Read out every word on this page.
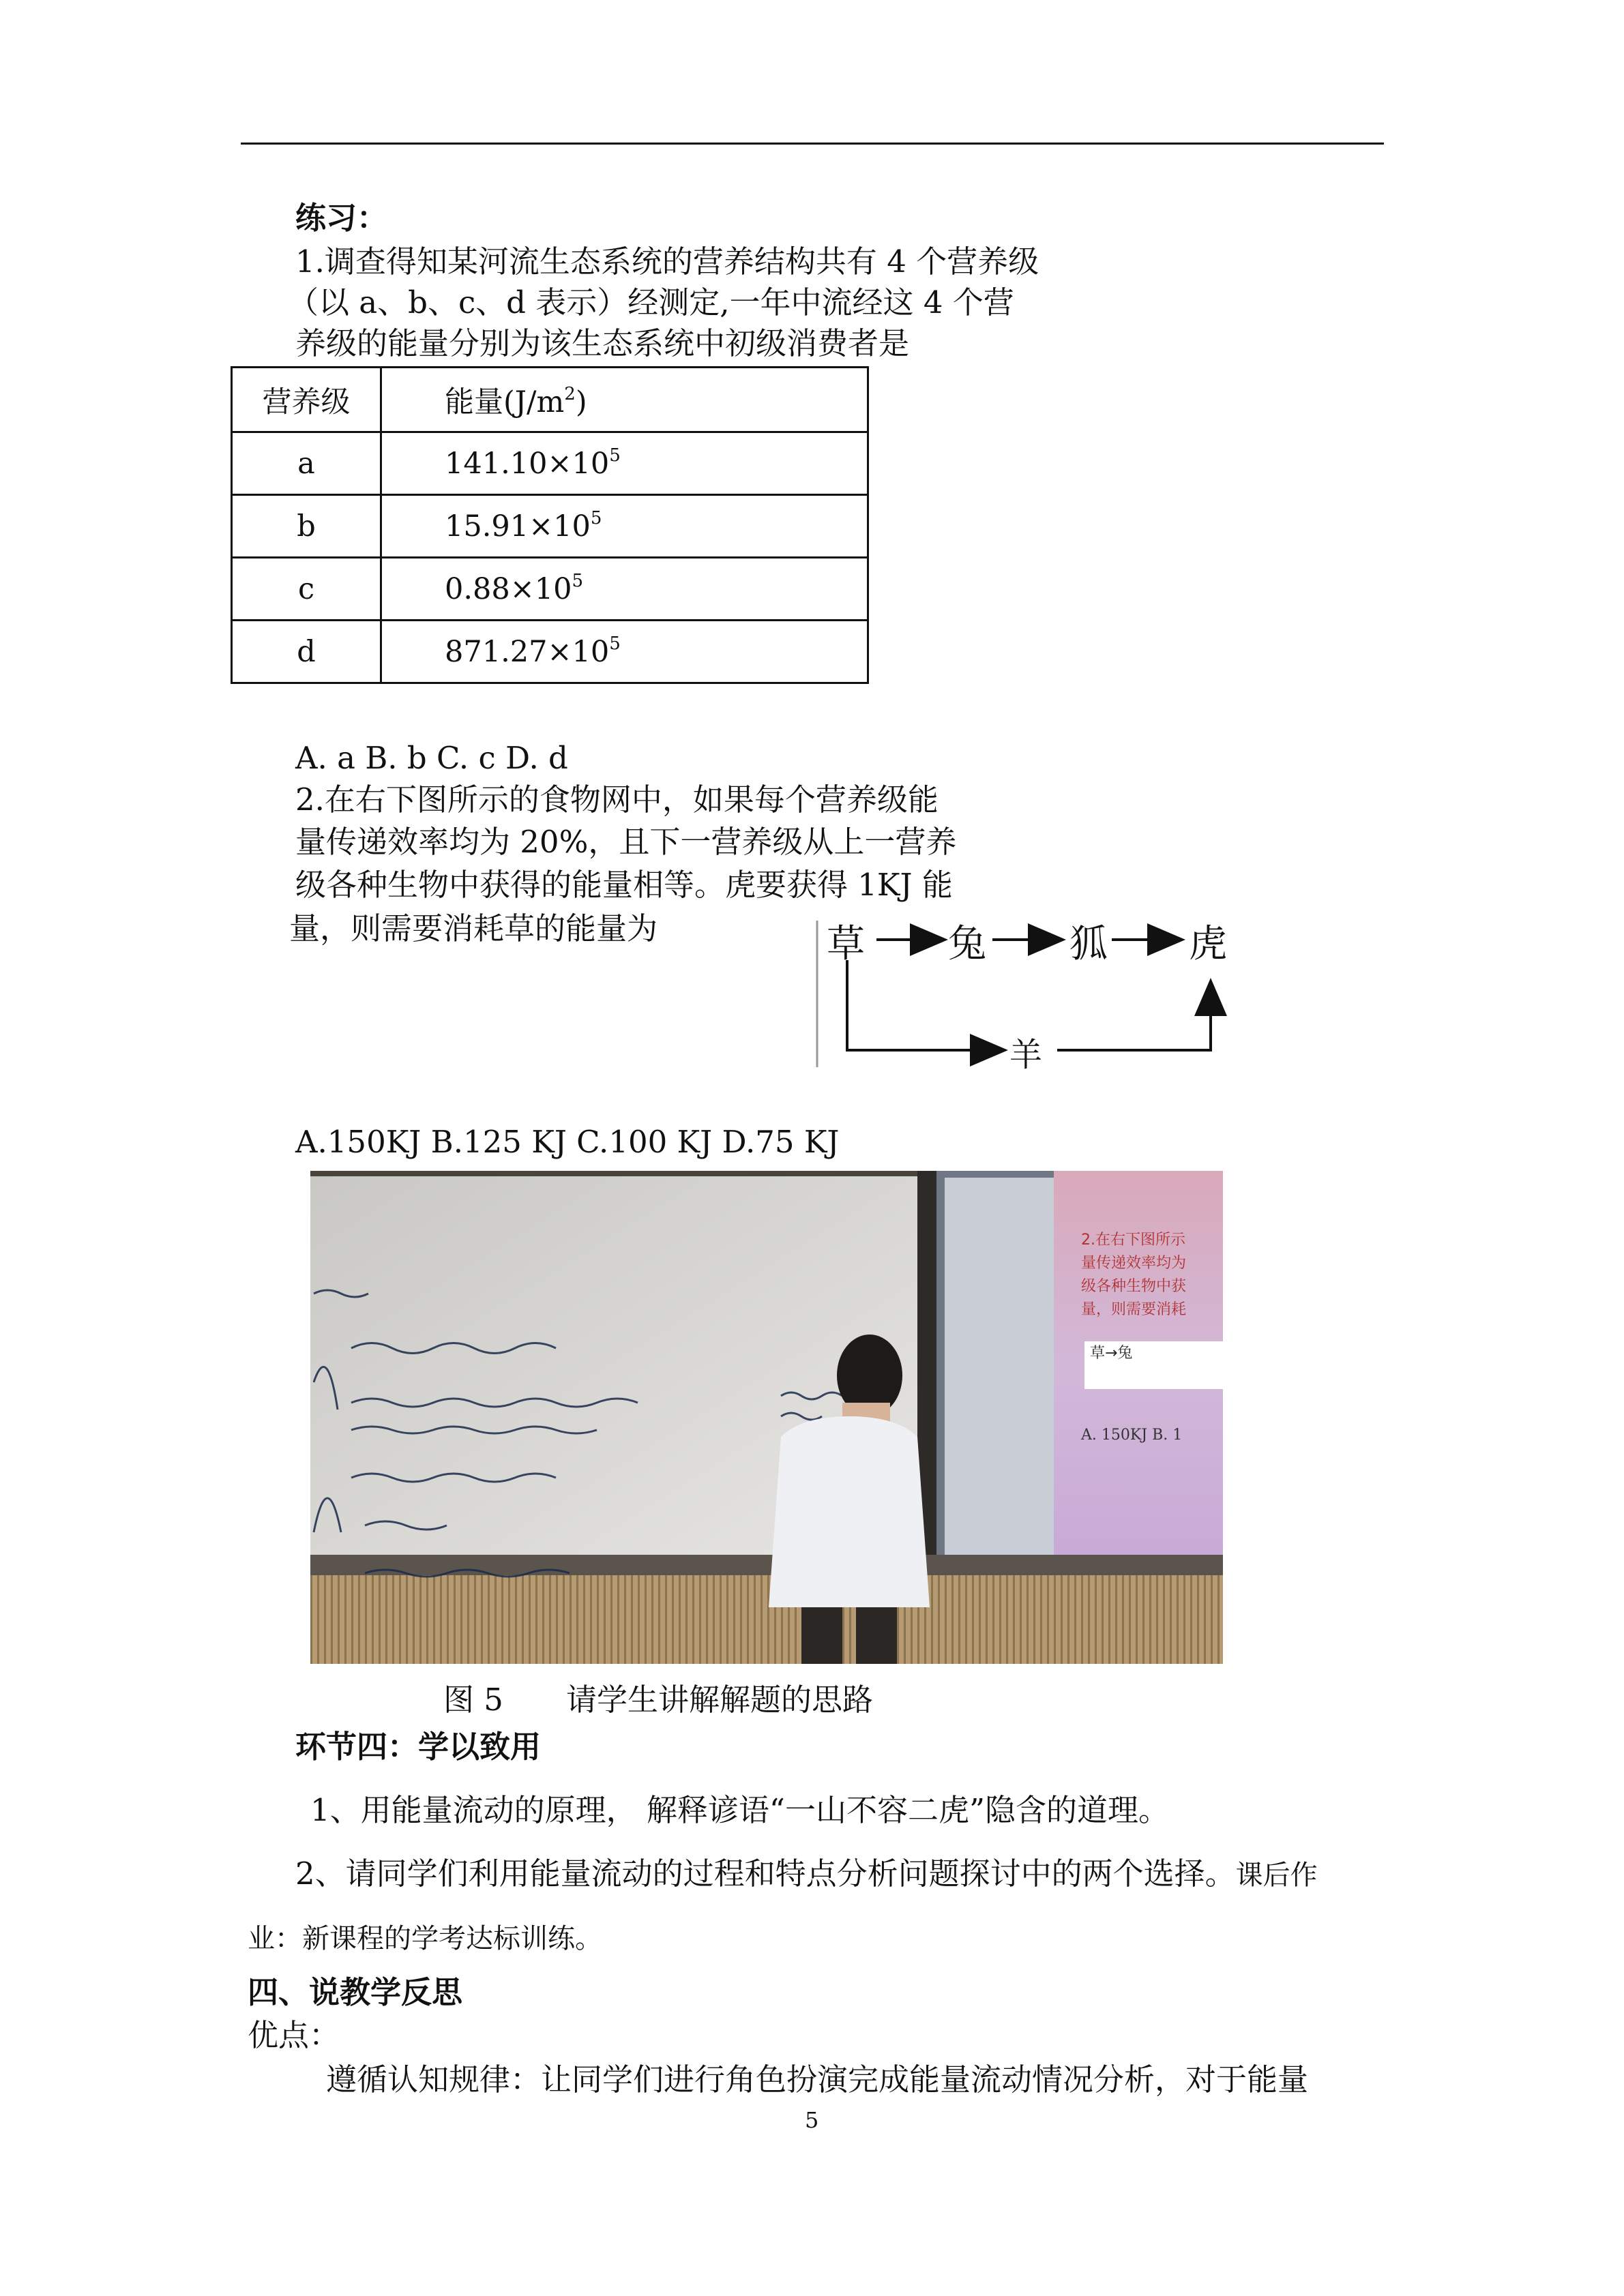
练习：
1.调查得知某河流生态系统的营养结构共有 4 个营养级
（以 a、b、c、d 表示）经测定,一年中流经这 4 个营
养级的能量分别为该生态系统中初级消费者是
营养级	能量$(J/m^2)$
a	$141.10\times 10^5$
b	$15.91\times 10^5$
c	$0.88\times 10^5$
d	$871.27\times 10^5$
A. a B. b C. c D. d
2.在右下图所示的食物网中，如果每个营养级能
量传递效率均为 20%，且下一营养级从上一营养
级各种生物中获得的能量相等。虎要获得 1KJ 能
量，则需要消耗草的能量为	草 兔 狐 虎
羊
A.150KJ B.125 KJ C.100 KJ D.75 KJ
2.在右下图所示
量传递效率均为
级各种生物中获
量，则需要消耗
草→兔
A. 150KJ B. 1
图 5 请学生讲解解题的思路
环节四：学以致用
1、用能量流动的原理， 解释谚语“一山不容二虎”隐含的道理。
2、请同学们利用能量流动的过程和特点分析问题探讨中的两个选择。课后作
业：新课程的学考达标训练。
四、说教学反思
优点：
遵循认知规律：让同学们进行角色扮演完成能量流动情况分析，对于能量
5
